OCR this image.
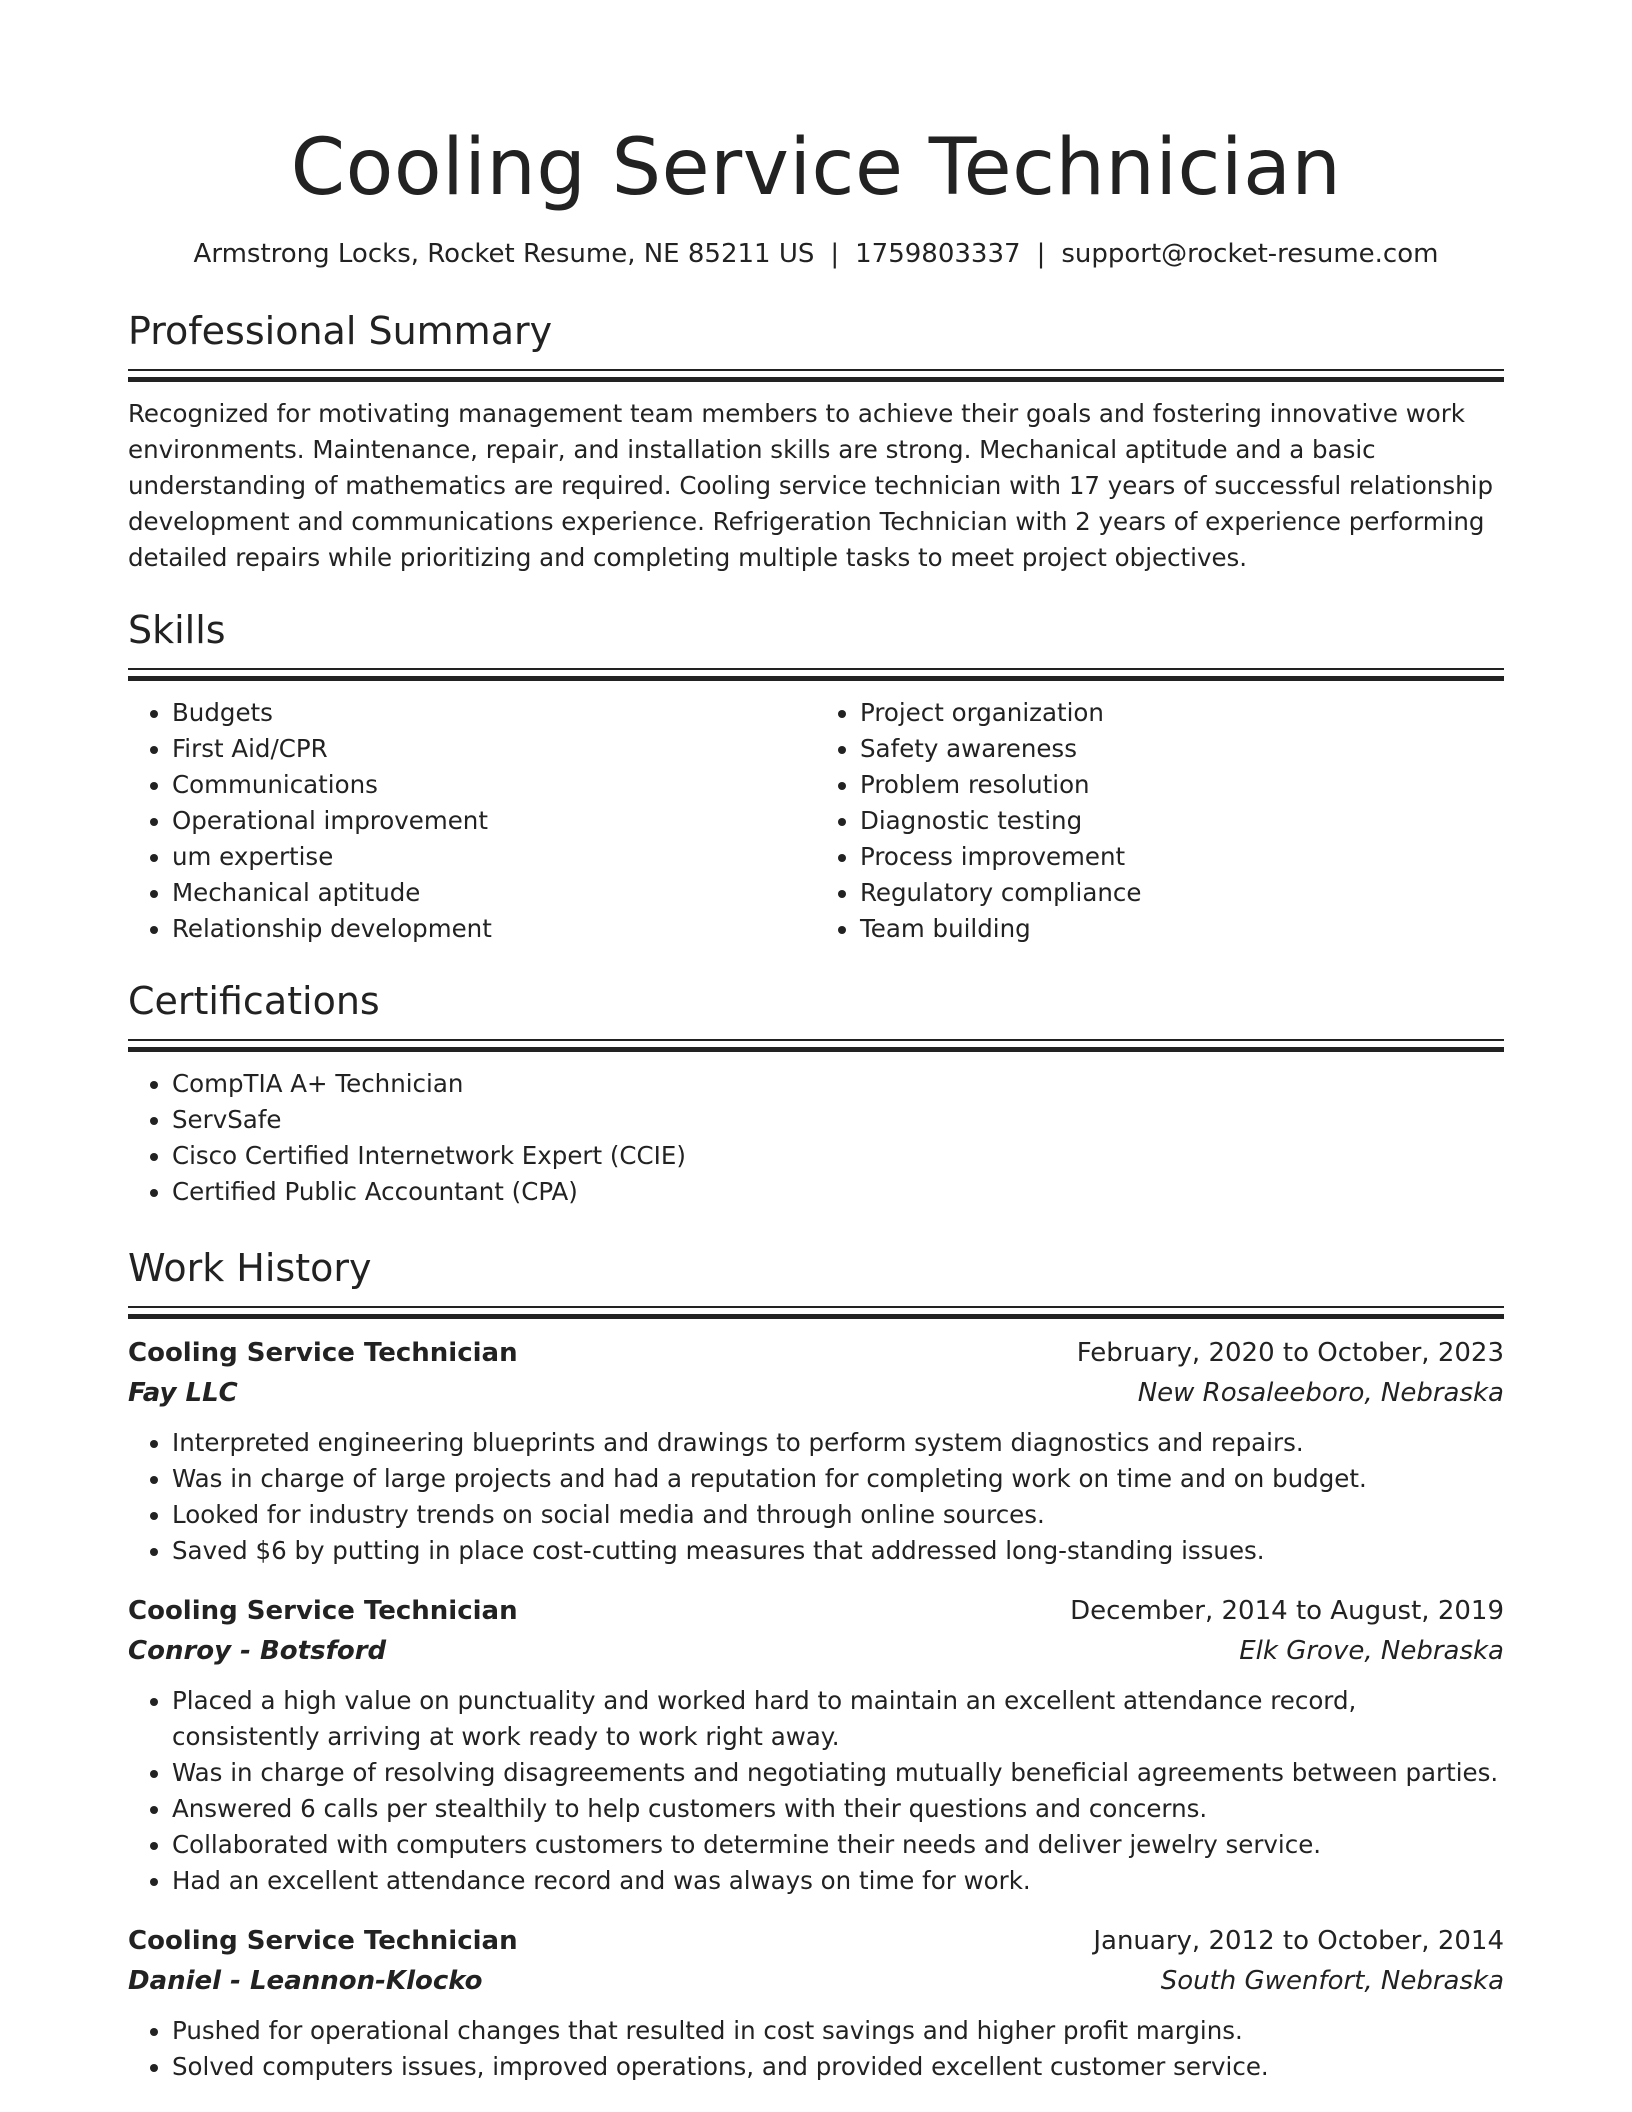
Cooling Service Technician
Armstrong Locks, Rocket Resume, NE 85211 US | 1759803337 | support@rocket-resume.com
Professional Summary

Recognized for motivating management team members to achieve their goals and fostering innovative work environments. Maintenance, repair, and installation skills are strong. Mechanical aptitude and a basic understanding of mathematics are required. Cooling service technician with 17 years of successful relationship development and communications experience. Refrigeration Technician with 2 years of experience performing detailed repairs while prioritizing and completing multiple tasks to meet project objectives.

Skills
• Budgets
• First Aid/CPR
• Communications
• Operational improvement
• um expertise
• Mechanical aptitude
• Relationship development
• Project organization
• Safety awareness
• Problem resolution
• Diagnostic testing
• Process improvement
• Regulatory compliance
• Team building
Certifications
• CompTIA A+ Technician
• ServSafe
• Cisco Certified Internetwork Expert (CCIE)
• Certified Public Accountant (CPA)
Work History
Cooling Service Technician	February, 2020 to October, 2023
Fay LLC	New Rosaleeboro, Nebraska
• Interpreted engineering blueprints and drawings to perform system diagnostics and repairs.
• Was in charge of large projects and had a reputation for completing work on time and on budget.
• Looked for industry trends on social media and through online sources.
• Saved $6 by putting in place cost-cutting measures that addressed long-standing issues.
Cooling Service Technician	December, 2014 to August, 2019
Conroy - Botsford	Elk Grove, Nebraska
• Placed a high value on punctuality and worked hard to maintain an excellent attendance record, consistently arriving at work ready to work right away.
• Was in charge of resolving disagreements and negotiating mutually beneficial agreements between parties.
• Answered 6 calls per stealthily to help customers with their questions and concerns.
• Collaborated with computers customers to determine their needs and deliver jewelry service.
• Had an excellent attendance record and was always on time for work.
Cooling Service Technician	January, 2012 to October, 2014
Daniel - Leannon-Klocko	South Gwenfort, Nebraska
• Pushed for operational changes that resulted in cost savings and higher profit margins.
• Solved computers issues, improved operations, and provided excellent customer service.
